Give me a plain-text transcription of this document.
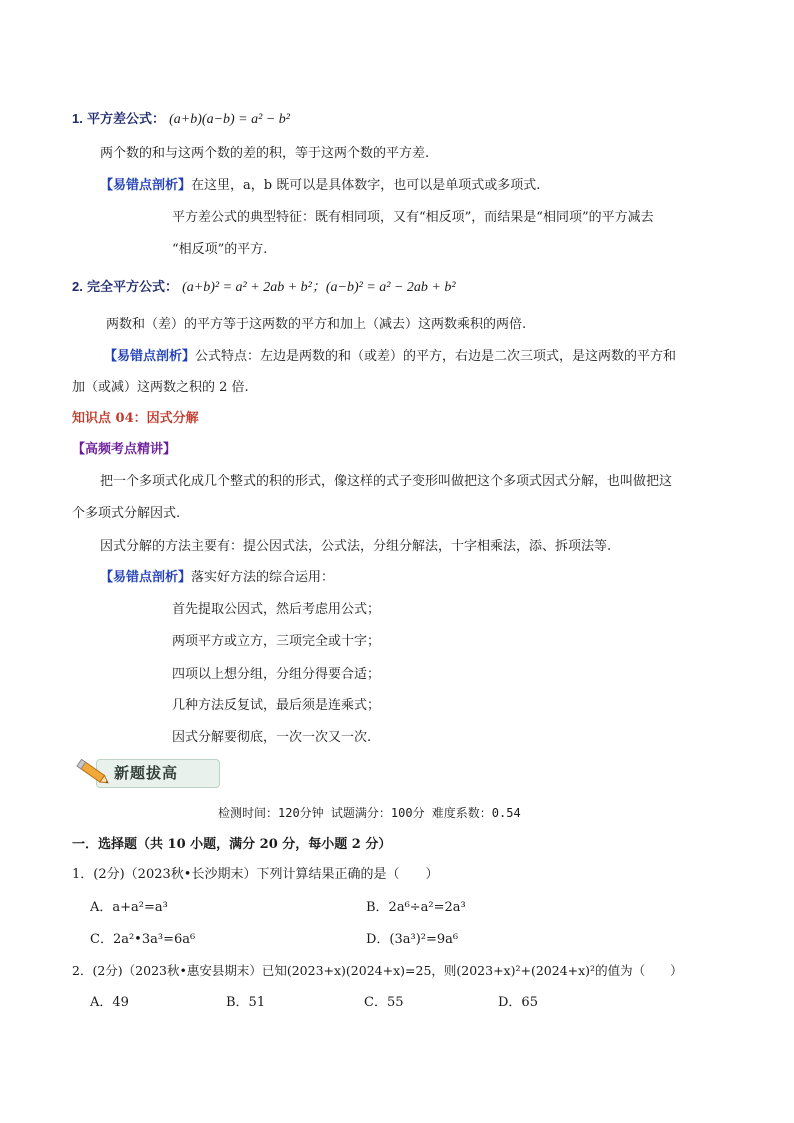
1. 平方差公式： (a+b)(a−b) = a² − b²
两个数的和与这两个数的差的积，等于这两个数的平方差.
【易错点剖析】在这里，a，b 既可以是具体数字，也可以是单项式或多项式.
平方差公式的典型特征：既有相同项，又有“相反项”，而结果是“相同项”的平方减去
“相反项”的平方.
2. 完全平方公式： (a+b)² = a² + 2ab + b²；(a−b)² = a² − 2ab + b²
两数和（差）的平方等于这两数的平方和加上（减去）这两数乘积的两倍.
【易错点剖析】公式特点：左边是两数的和（或差）的平方，右边是二次三项式，是这两数的平方和
加（或减）这两数之积的 2 倍.
知识点 04：因式分解
【高频考点精讲】
把一个多项式化成几个整式的积的形式，像这样的式子变形叫做把这个多项式因式分解，也叫做把这
个多项式分解因式.
因式分解的方法主要有：提公因式法，公式法，分组分解法，十字相乘法，添、拆项法等.
【易错点剖析】落实好方法的综合运用：
首先提取公因式，然后考虑用公式；
两项平方或立方，三项完全或十字；
四项以上想分组，分组分得要合适；
几种方法反复试，最后须是连乘式；
因式分解要彻底，一次一次又一次.
新题拔高
检测时间：120分钟 试题满分：100分 难度系数：0.54
一．选择题（共 10 小题，满分 20 分，每小题 2 分）
1．(2分)（2023秋•长沙期末）下列计算结果正确的是（　　）
A．a+a²=a³	B．2a⁶÷a²=2a³
C．2a²•3a³=6a⁶	D．(3a³)²=9a⁶
2．(2分)（2023秋•惠安县期末）已知(2023+x)(2024+x)=25，则(2023+x)²+(2024+x)²的值为（　　）
A．49	B．51	C．55	D．65
